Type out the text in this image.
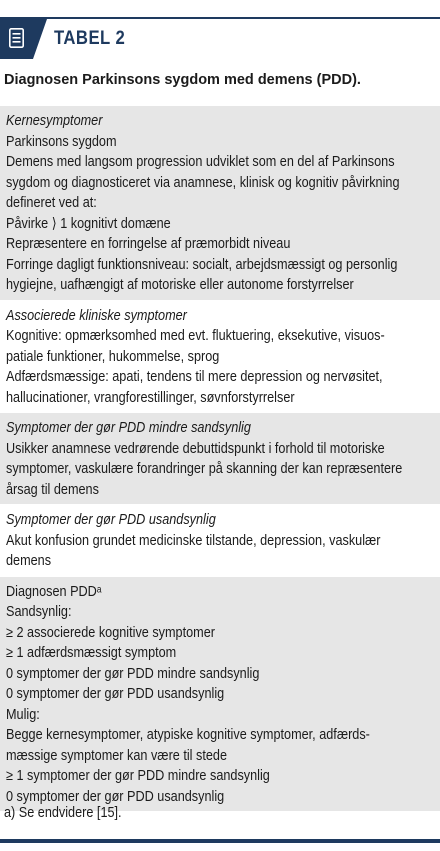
TABEL 2
Diagnosen Parkinsons sygdom med demens (PDD).
Kernesymptomer
Parkinsons sygdom
Demens med langsom progression udviklet som en del af Parkinsons
sygdom og diagnosticeret via anamnese, klinisk og kognitiv påvirkning
defineret ved at:
Påvirke ⟩ 1 kognitivt domæne
Repræsentere en forringelse af præmorbidt niveau
Forringe dagligt funktionsniveau: socialt, arbejdsmæssigt og personlig
hygiejne, uafhængigt af motoriske eller autonome forstyrrelser
Associerede kliniske symptomer
Kognitive: opmærksomhed med evt. fluktuering, eksekutive, visuos-
patiale funktioner, hukommelse, sprog
Adfærdsmæssige: apati, tendens til mere depression og nervøsitet,
hallucinationer, vrangforestillinger, søvnforstyrrelser
Symptomer der gør PDD mindre sandsynlig
Usikker anamnese vedrørende debuttidspunkt i forhold til motoriske
symptomer, vaskulære forandringer på skanning der kan repræsentere
årsag til demens
Symptomer der gør PDD usandsynlig
Akut konfusion grundet medicinske tilstande, depression, vaskulær
demens
Diagnosen PDDᵃ
Sandsynlig:
≥ 2 associerede kognitive symptomer
≥ 1 adfærdsmæssigt symptom
0 symptomer der gør PDD mindre sandsynlig
0 symptomer der gør PDD usandsynlig
Mulig:
Begge kernesymptomer, atypiske kognitive symptomer, adfærds-
mæssige symptomer kan være til stede
≥ 1 symptomer der gør PDD mindre sandsynlig
0 symptomer der gør PDD usandsynlig
a) Se endvidere [15].
